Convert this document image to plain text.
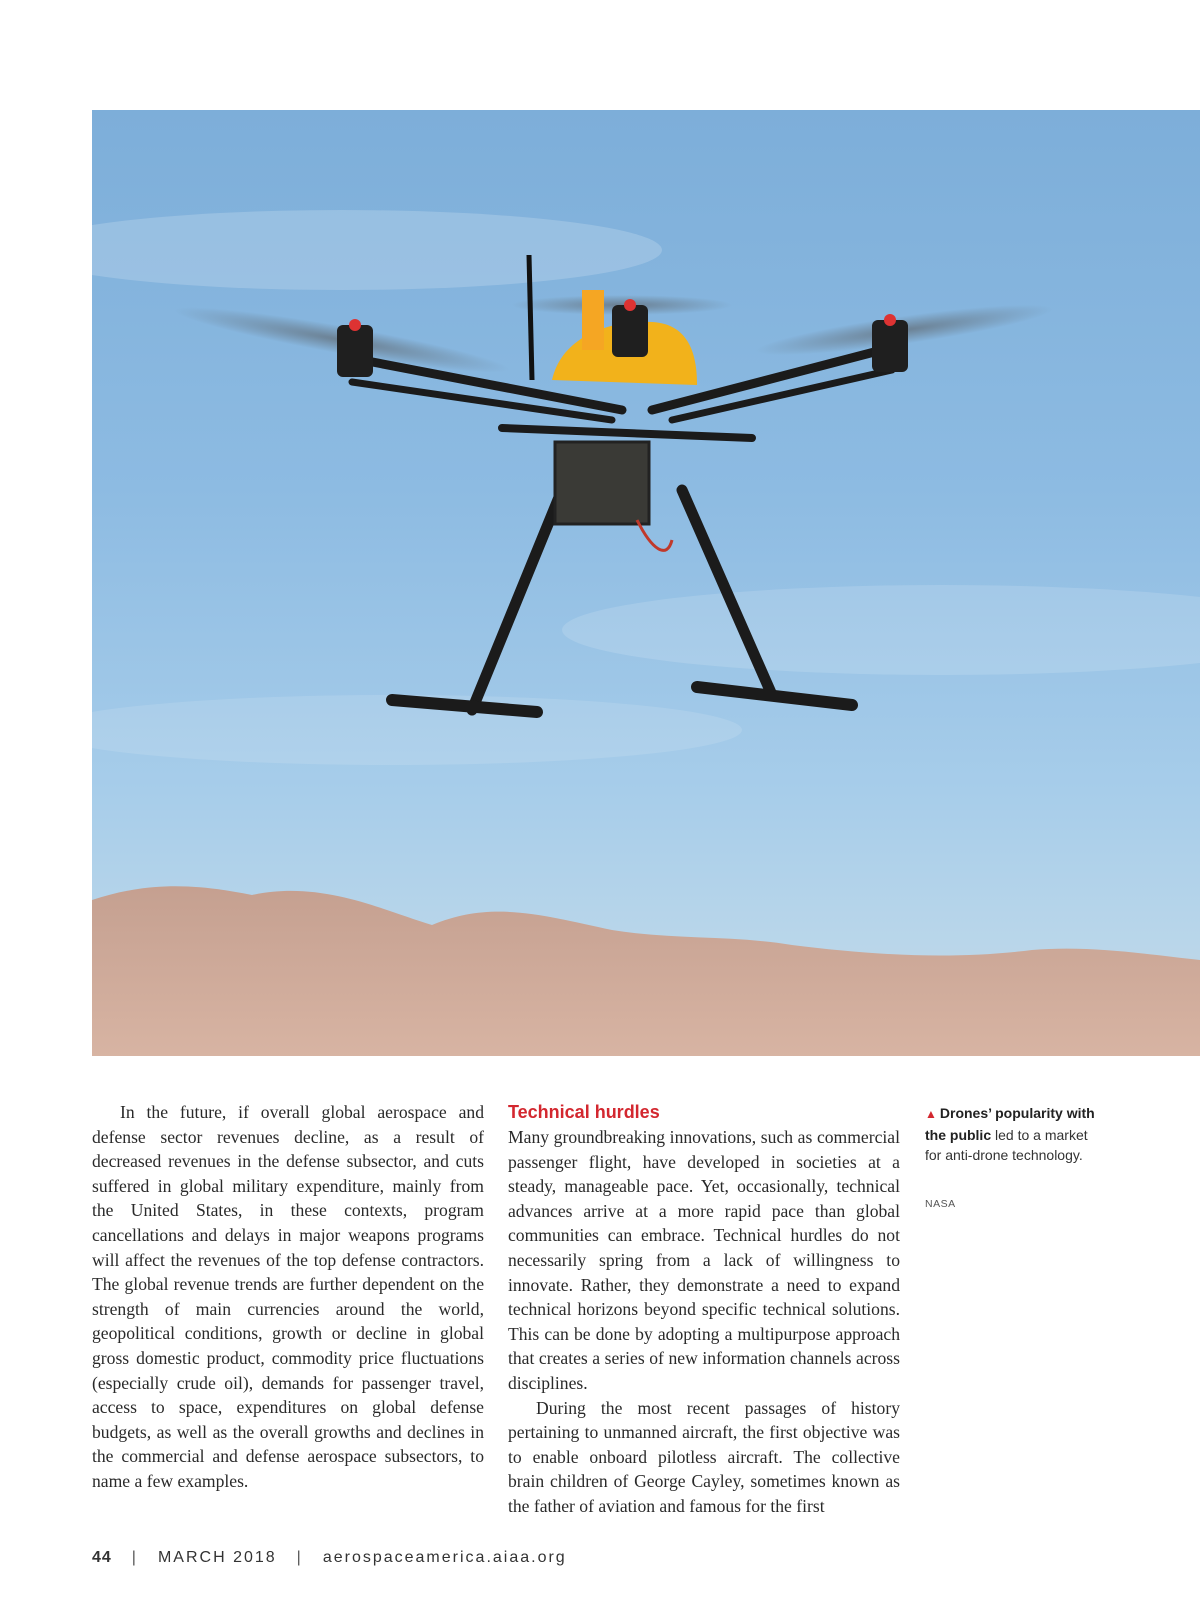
In the future, if overall global aerospace and defense sector revenues decline, as a result of decreased revenues in the defense subsector, and cuts suffered in global military expenditure, mainly from the United States, in these contexts, program cancellations and delays in major weapons programs will affect the revenues of the top defense contractors. The global revenue trends are further dependent on the strength of main currencies around the world, geopolitical conditions, growth or decline in global gross domestic product, commodity price fluctuations (especially crude oil), demands for passenger travel, access to space, expenditures on global defense budgets, as well as the overall growths and declines in the commercial and defense aerospace subsectors, to name a few examples.

Technical hurdles

Many groundbreaking innovations, such as commercial passenger flight, have developed in societies at a steady, manageable pace. Yet, occasionally, technical advances arrive at a more rapid pace than global communities can embrace. Technical hurdles do not necessarily spring from a lack of willingness to innovate. Rather, they demonstrate a need to expand technical horizons beyond specific technical solutions. This can be done by adopting a multipurpose approach that creates a series of new information channels across disciplines.

During the most recent passages of history pertaining to unmanned aircraft, the first objective was to enable onboard pilotless aircraft. The collective brain children of George Cayley, sometimes known as the father of aviation and famous for the first

▲ Drones’ popularity with the public led to a market for anti-drone technology.
NASA
44 | MARCH 2018 | aerospaceamerica.aiaa.org
